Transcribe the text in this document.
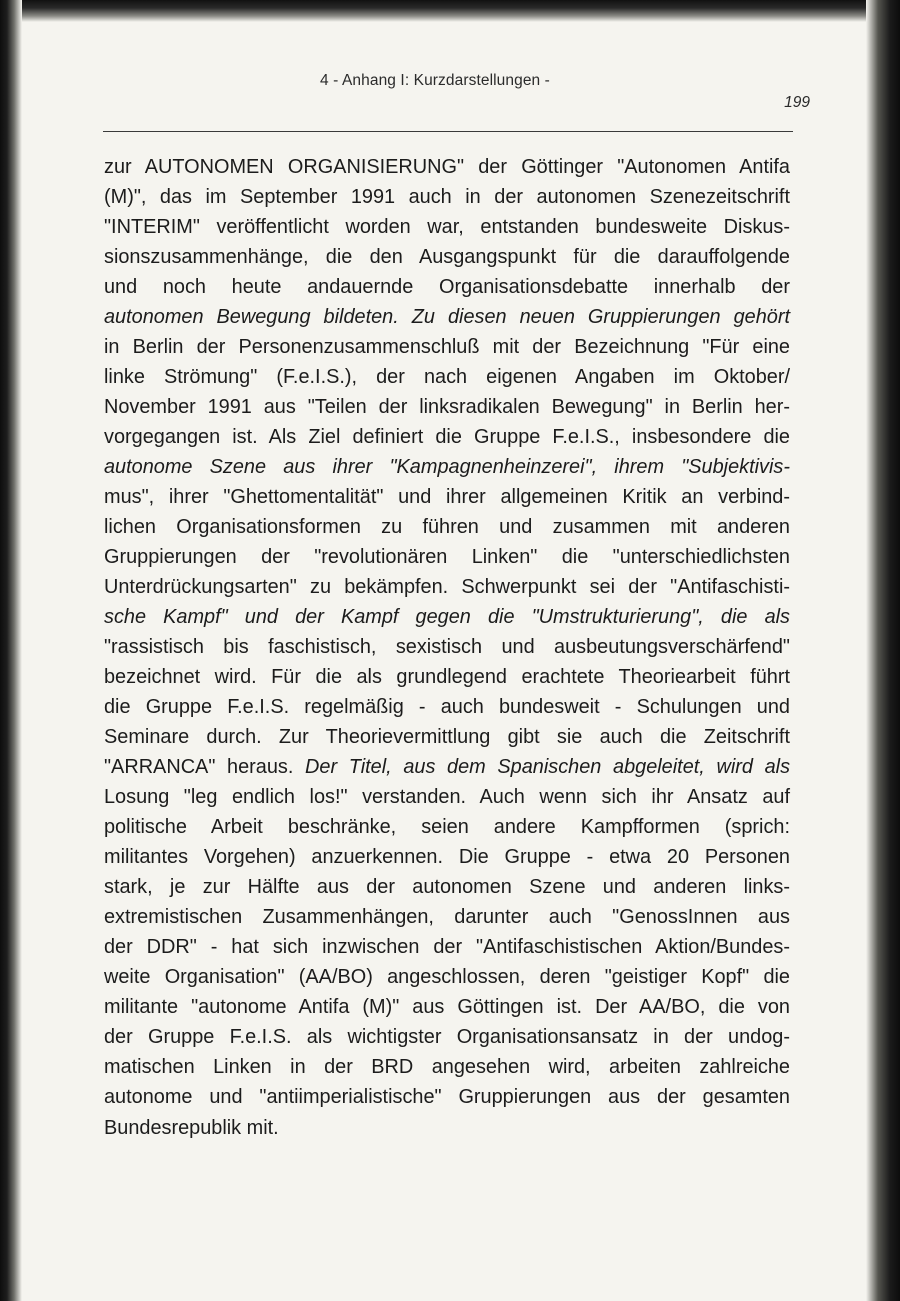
4 - Anhang I: Kurzdarstellungen -
199
zur AUTONOMEN ORGANISIERUNG" der Göttinger "Autonomen Antifa
(M)", das im September 1991 auch in der autonomen Szenezeitschrift
"INTERIM" veröffentlicht worden war, entstanden bundesweite Diskus-
sionszusammenhänge, die den Ausgangspunkt für die darauffolgende
und noch heute andauernde Organisationsdebatte innerhalb der
autonomen Bewegung bildeten. Zu diesen neuen Gruppierungen gehört
in Berlin der Personenzusammenschluß mit der Bezeichnung "Für eine
linke Strömung" (F.e.I.S.), der nach eigenen Angaben im Oktober/
November 1991 aus "Teilen der linksradikalen Bewegung" in Berlin her-
vorgegangen ist. Als Ziel definiert die Gruppe F.e.I.S., insbesondere die
autonome Szene aus ihrer "Kampagnenheinzerei", ihrem "Subjektivis-
mus", ihrer "Ghettomentalität" und ihrer allgemeinen Kritik an verbind-
lichen Organisationsformen zu führen und zusammen mit anderen
Gruppierungen der "revolutionären Linken" die "unterschiedlichsten
Unterdrückungsarten" zu bekämpfen. Schwerpunkt sei der "Antifaschisti-
sche Kampf" und der Kampf gegen die "Umstrukturierung", die als
"rassistisch bis faschistisch, sexistisch und ausbeutungsverschärfend"
bezeichnet wird. Für die als grundlegend erachtete Theoriearbeit führt
die Gruppe F.e.I.S. regelmäßig - auch bundesweit - Schulungen und
Seminare durch. Zur Theorievermittlung gibt sie auch die Zeitschrift
"ARRANCA" heraus. Der Titel, aus dem Spanischen abgeleitet, wird als
Losung "leg endlich los!" verstanden. Auch wenn sich ihr Ansatz auf
politische Arbeit beschränke, seien andere Kampfformen (sprich:
militantes Vorgehen) anzuerkennen. Die Gruppe - etwa 20 Personen
stark, je zur Hälfte aus der autonomen Szene und anderen links-
extremistischen Zusammenhängen, darunter auch "GenossInnen aus
der DDR" - hat sich inzwischen der "Antifaschistischen Aktion/Bundes-
weite Organisation" (AA/BO) angeschlossen, deren "geistiger Kopf" die
militante "autonome Antifa (M)" aus Göttingen ist. Der AA/BO, die von
der Gruppe F.e.I.S. als wichtigster Organisationsansatz in der undog-
matischen Linken in der BRD angesehen wird, arbeiten zahlreiche
autonome und "antiimperialistische" Gruppierungen aus der gesamten
Bundesrepublik mit.
